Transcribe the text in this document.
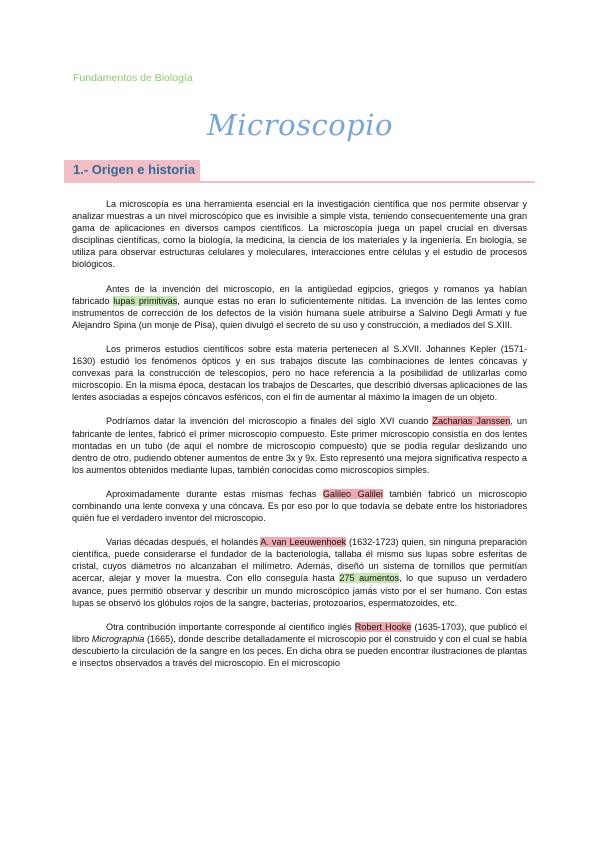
Fundamentos de Biología
Microscopio
1.- Origen e historia

La microscopía es una herramienta esencial en la investigación científica que nos permite observar y analizar muestras a un nivel microscópico que es invisible a simple vista, teniendo consecuentemente una gran gama de aplicaciones en diversos campos científicos. La microscopía juega un papel crucial en diversas disciplinas científicas, como la biología, la medicina, la ciencia de los materiales y la ingeniería. En biología, se utiliza para observar estructuras celulares y moleculares, interacciones entre células y el estudio de procesos biológicos.

Antes de la invención del microscopio, en la antigüedad egipcios, griegos y romanos ya habían fabricado lupas primitivas, aunque estas no eran lo suficientemente nítidas. La invención de las lentes como instrumentos de corrección de los defectos de la visión humana suele atribuirse a Salvino Degli Armati y fue Alejandro Spina (un monje de Pisa), quien divulgó el secreto de su uso y construcción, a mediados del S.XIII.

Los primeros estudios científicos sobre esta materia pertenecen al S.XVII. Johannes Kepler (1571-1630) estudió los fenómenos ópticos y en sus trabajos discute las combinaciones de lentes cóncavas y convexas para la construcción de telescopios, pero no hace referencia a la posibilidad de utilizarlas como microscopio. En la misma época, destacan los trabajos de Descartes, que describió diversas aplicaciones de las lentes asociadas a espejos cóncavos esféricos, con el fin de aumentar al máximo la imagen de un objeto.

Podríamos datar la invención del microscopio a finales del siglo XVI cuando Zacharias Janssen, un fabricante de lentes, fabricó el primer microscopio compuesto. Este primer microscopio consistía en dos lentes montadas en un tubo (de aquí el nombre de microscopio compuesto) que se podía regular deslizando uno dentro de otro, pudiendo obtener aumentos de entre 3x y 9x. Esto representó una mejora significativa respecto a los aumentos obtenidos mediante lupas, también conocidas como microscopios simples.

Aproximadamente durante estas mismas fechas Galileo Galilei también fabricó un microscopio combinando una lente convexa y una cóncava. Es por eso por lo que todavía se debate entre los historiadores quién fue el verdadero inventor del microscopio.

Varias décadas después, el holandés A. van Leeuwenhoek (1632-1723) quien, sin ninguna preparación científica, puede considerarse el fundador de la bacteriología, tallaba él mismo sus lupas sobre esferitas de cristal, cuyos diámetros no alcanzaban el milímetro. Además, diseñó un sistema de tornillos que permitían acercar, alejar y mover la muestra. Con ello conseguía hasta 275 aumentos, lo que supuso un verdadero avance, pues permitió observar y describir un mundo microscópico jamás visto por el ser humano. Con estas lupas se observó los glóbulos rojos de la sangre, bacterias, protozoarios, espermatozoides, etc.

Otra contribución importante corresponde al científico inglés Robert Hooke (1635-1703), que publicó el libro Micrographia (1665), donde describe detalladamente el microscopio por él construido y con el cual se había descubierto la circulación de la sangre en los peces. En dicha obra se pueden encontrar ilustraciones de plantas e insectos observados a través del microscopio. En el microscopio
